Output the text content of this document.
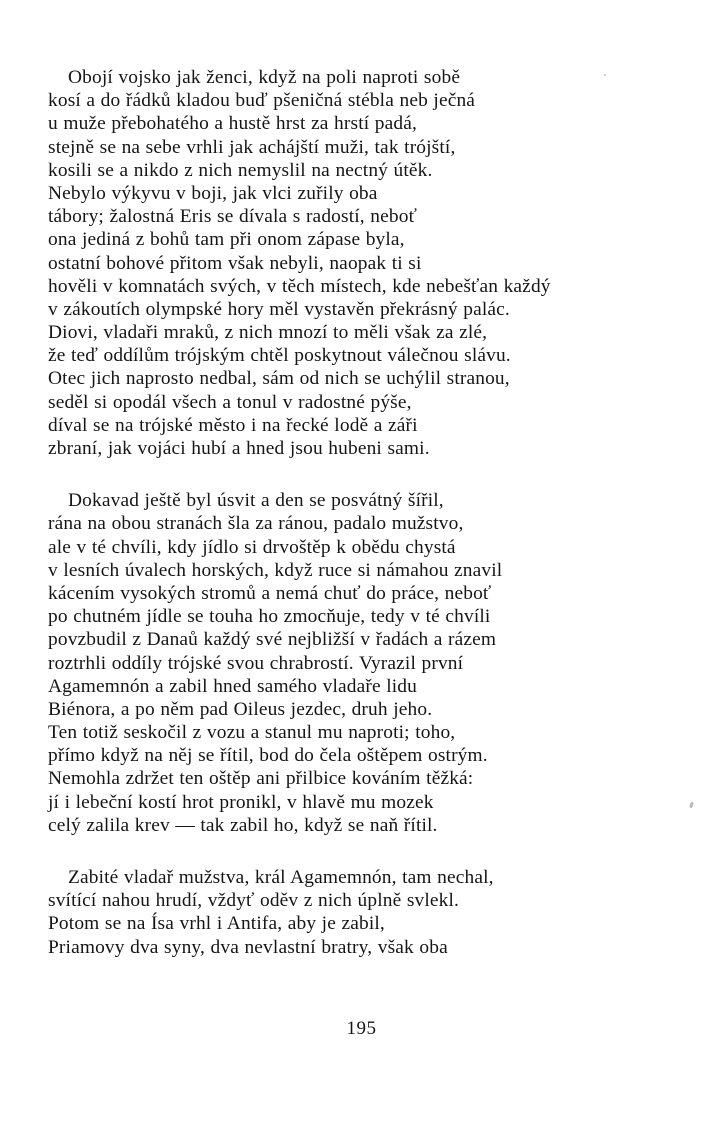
Obojí vojsko jak ženci, když na poli naproti sobě
kosí a do řádků kladou buď pšeničná stébla neb ječná
u muže přebohatého a hustě hrst za hrstí padá,
stejně se na sebe vrhli jak achájští muži, tak trójští,
kosili se a nikdo z nich nemyslil na nectný útěk.
Nebylo výkyvu v boji, jak vlci zuřily oba
tábory; žalostná Eris se dívala s radostí, neboť
ona jediná z bohů tam při onom zápase byla,
ostatní bohové přitom však nebyli, naopak ti si
hověli v komnatách svých, v těch místech, kde nebešťan každý
v zákoutích olympské hory měl vystavěn překrásný palác.
Diovi, vladaři mraků, z nich mnozí to měli však za zlé,
že teď oddílům trójským chtěl poskytnout válečnou slávu.
Otec jich naprosto nedbal, sám od nich se uchýlil stranou,
seděl si opodál všech a tonul v radostné pýše,
díval se na trójské město i na řecké lodě a záři
zbraní, jak vojáci hubí a hned jsou hubeni sami.
Dokavad ještě byl úsvit a den se posvátný šířil,
rána na obou stranách šla za ránou, padalo mužstvo,
ale v té chvíli, kdy jídlo si drvoštěp k obědu chystá
v lesních úvalech horských, když ruce si námahou znavil
kácením vysokých stromů a nemá chuť do práce, neboť
po chutném jídle se touha ho zmocňuje, tedy v té chvíli
povzbudil z Danaů každý své nejbližší v řadách a rázem
roztrhli oddíly trójské svou chrabrostí. Vyrazil první
Agamemnón a zabil hned samého vladaře lidu
Biénora, a po něm pad Oileus jezdec, druh jeho.
Ten totiž seskočil z vozu a stanul mu naproti; toho,
přímo když na něj se řítil, bod do čela oštěpem ostrým.
Nemohla zdržet ten oštěp ani přilbice kováním těžká:
jí i lebeční kostí hrot pronikl, v hlavě mu mozek
celý zalila krev — tak zabil ho, když se naň řítil.
Zabité vladař mužstva, král Agamemnón, tam nechal,
svítící nahou hrudí, vždyť oděv z nich úplně svlekl.
Potom se na Ísa vrhl i Antifa, aby je zabil,
Priamovy dva syny, dva nevlastní bratry, však oba
195
